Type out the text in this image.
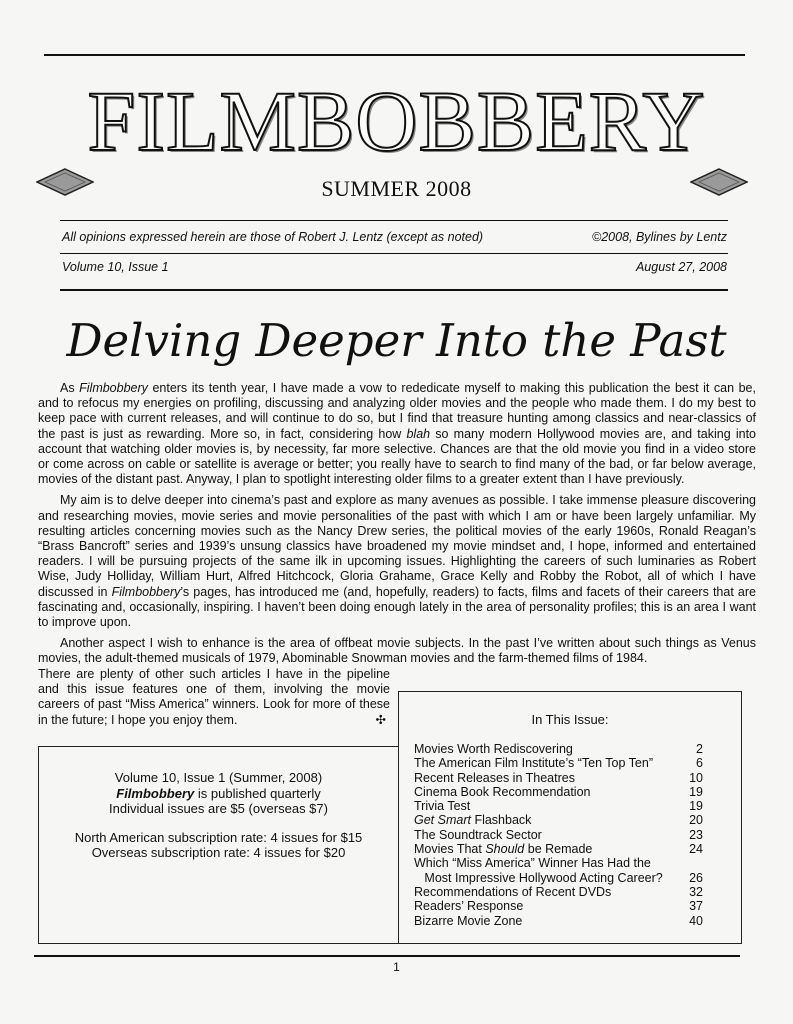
FILMBOBBERY
SUMMER 2008
All opinions expressed herein are those of Robert J. Lentz (except as noted)	©2008, Bylines by Lentz
Volume 10, Issue 1	August 27, 2008
Delving Deeper Into the Past

As Filmbobbery enters its tenth year, I have made a vow to rededicate myself to making this publication the best it can be, and to refocus my energies on profiling, discussing and analyzing older movies and the people who made them. I do my best to keep pace with current releases, and will continue to do so, but I find that treasure hunting among classics and near-classics of the past is just as rewarding. More so, in fact, considering how blah so many modern Hollywood movies are, and taking into account that watching older movies is, by necessity, far more selective. Chances are that the old movie you find in a video store or come across on cable or satellite is average or better; you really have to search to find many of the bad, or far below average, movies of the distant past. Anyway, I plan to spotlight interesting older films to a greater extent than I have previously.

My aim is to delve deeper into cinema’s past and explore as many avenues as possible. I take immense pleasure discovering and researching movies, movie series and movie personalities of the past with which I am or have been largely unfamiliar. My resulting articles concerning movies such as the Nancy Drew series, the political movies of the early 1960s, Ronald Reagan’s “Brass Bancroft” series and 1939’s unsung classics have broadened my movie mindset and, I hope, informed and entertained readers. I will be pursuing projects of the same ilk in upcoming issues. Highlighting the careers of such luminaries as Robert Wise, Judy Holliday, William Hurt, Alfred Hitchcock, Gloria Grahame, Grace Kelly and Robby the Robot, all of which I have discussed in Filmbobbery’s pages, has introduced me (and, hopefully, readers) to facts, films and facets of their careers that are fascinating and, occasionally, inspiring. I haven’t been doing enough lately in the area of personality profiles; this is an area I want to improve upon.

Another aspect I wish to enhance is the area of offbeat movie subjects. In the past I’ve written about such things as Venus movies, the adult-themed musicals of 1979, Abominable Snowman movies and the farm-themed films of 1984.

There are plenty of other such articles I have in the pipeline and this issue features one of them, involving the movie careers of past “Miss America” winners. Look for more of these in the future; I hope you enjoy them.	✣
Volume 10, Issue 1 (Summer, 2008)
Filmbobbery is published quarterly
Individual issues are $5 (overseas $7)
North American subscription rate: 4 issues for $15
Overseas subscription rate: 4 issues for $20
In This Issue:
Movies Worth Rediscovering	2
The American Film Institute’s “Ten Top Ten”	6
Recent Releases in Theatres	10
Cinema Book Recommendation	19
Trivia Test	19
Get Smart Flashback	20
The Soundtrack Sector	23
Movies That Should be Remade	24
Which “Miss America” Winner Has Had the
Most Impressive Hollywood Acting Career?	26
Recommendations of Recent DVDs	32
Readers’ Response	37
Bizarre Movie Zone	40
1
